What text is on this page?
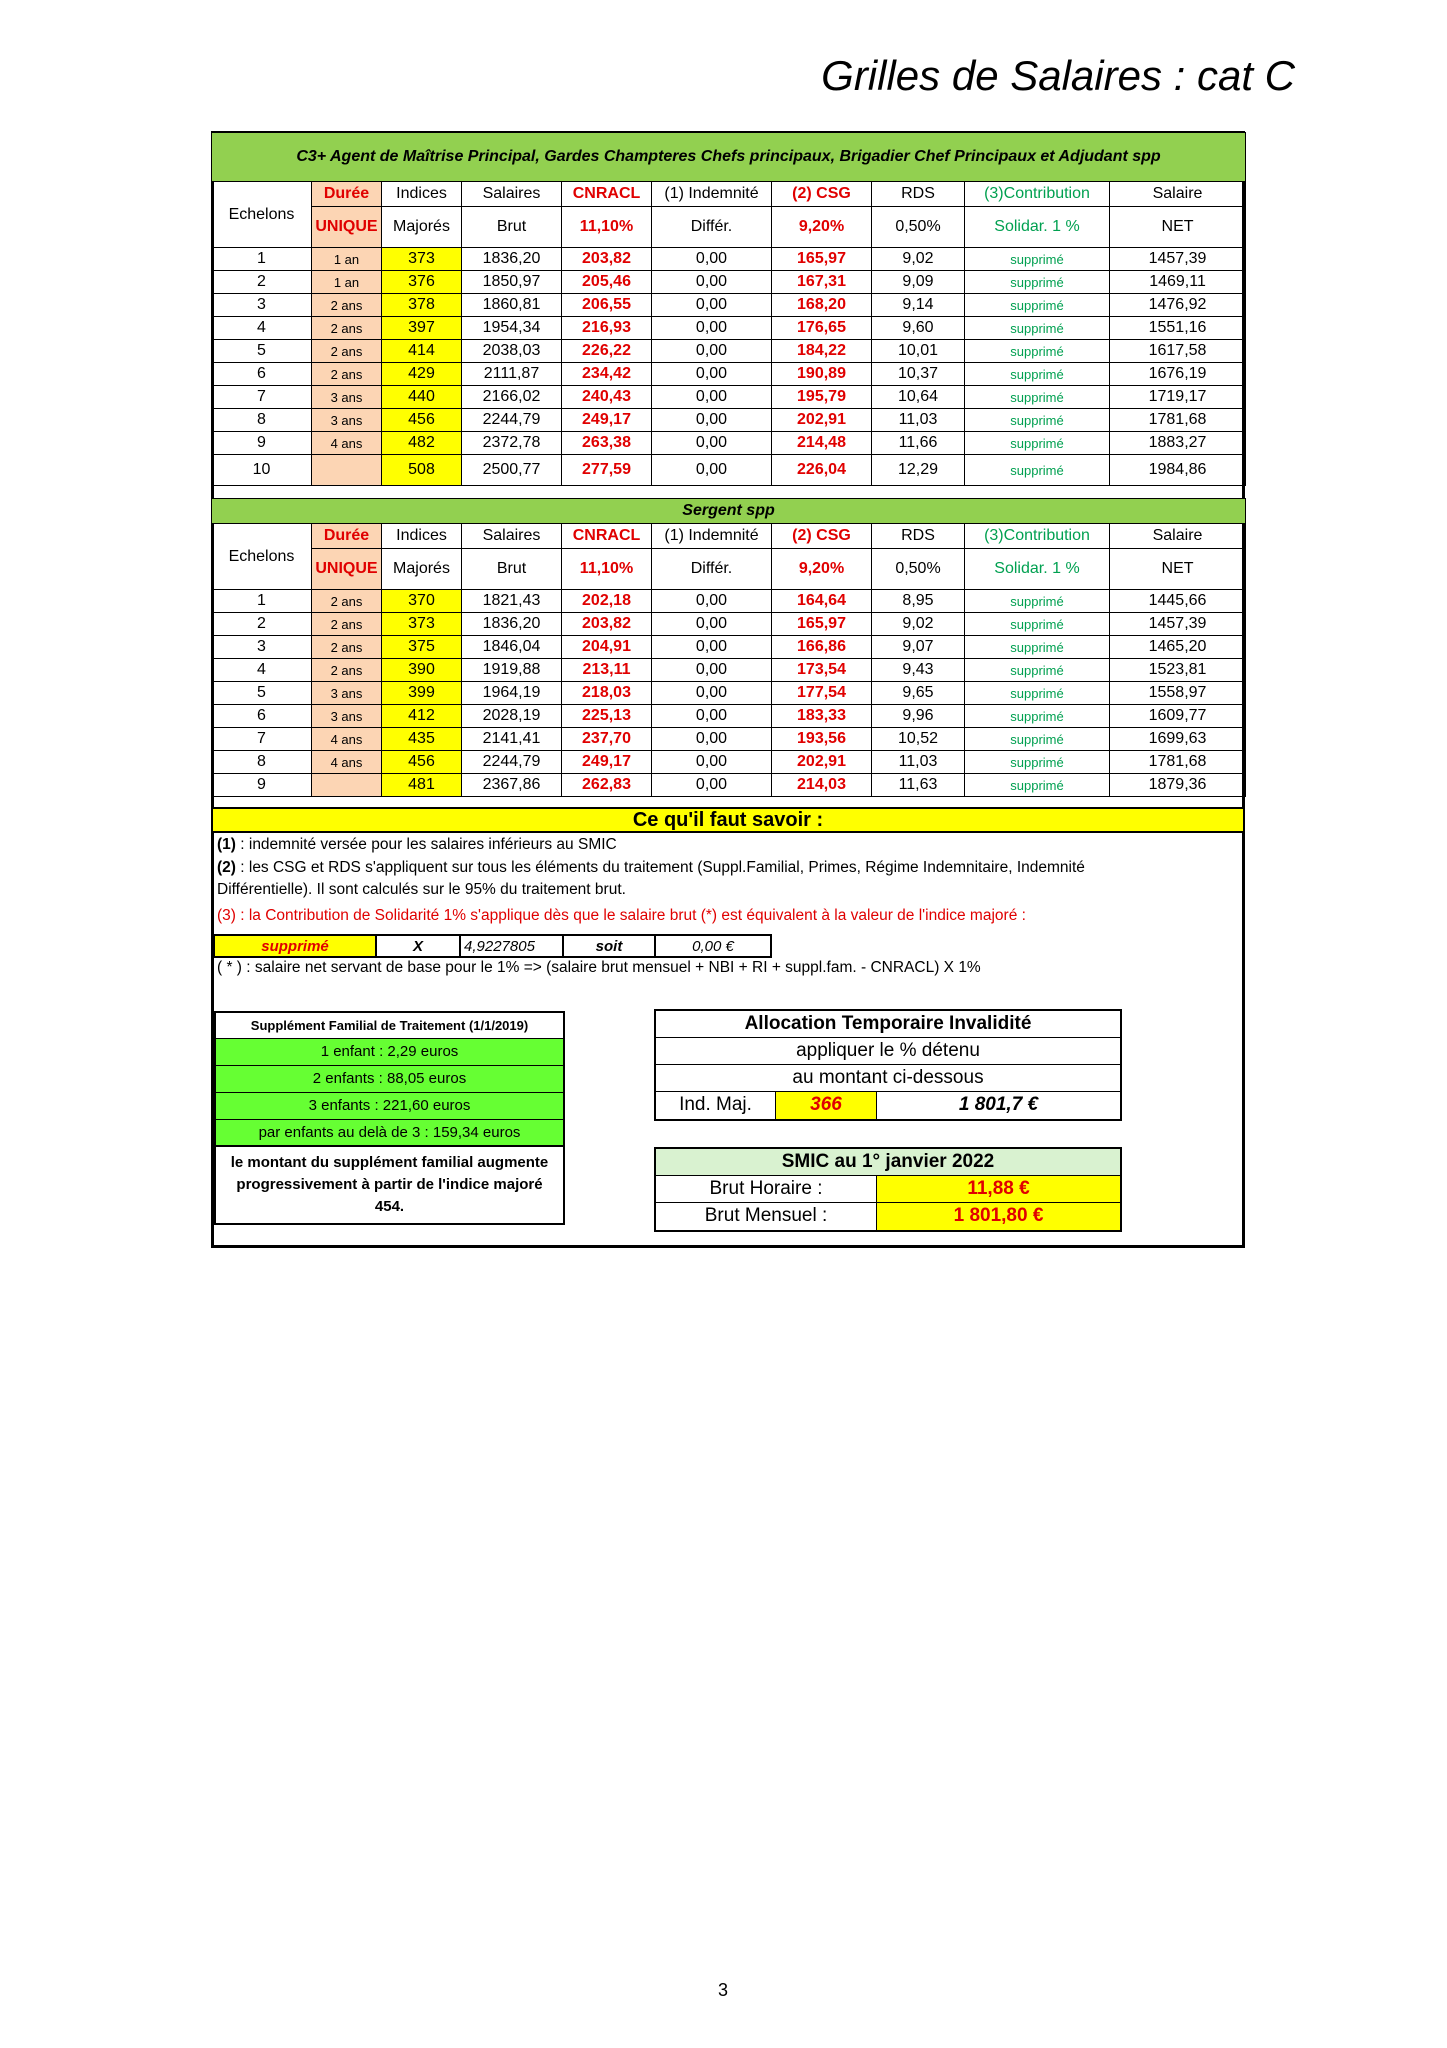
Grilles de Salaires : cat C
C3+ Agent de Maîtrise Principal, Gardes Champteres Chefs principaux, Brigadier Chef Principaux et Adjudant spp									
Echelons	Durée	Indices	Salaires	CNRACL	(1) Indemnité	(2) CSG	RDS	(3)Contribution	Salaire
	UNIQUE	Majorés	Brut	11,10%	Différ.	9,20%	0,50%	Solidar. 1 %	NET
1	1 an	373	1836,20	203,82	0,00	165,97	9,02	supprimé	1457,39
2	1 an	376	1850,97	205,46	0,00	167,31	9,09	supprimé	1469,11
3	2 ans	378	1860,81	206,55	0,00	168,20	9,14	supprimé	1476,92
4	2 ans	397	1954,34	216,93	0,00	176,65	9,60	supprimé	1551,16
5	2 ans	414	2038,03	226,22	0,00	184,22	10,01	supprimé	1617,58
6	2 ans	429	2111,87	234,42	0,00	190,89	10,37	supprimé	1676,19
7	3 ans	440	2166,02	240,43	0,00	195,79	10,64	supprimé	1719,17
8	3 ans	456	2244,79	249,17	0,00	202,91	11,03	supprimé	1781,68
9	4 ans	482	2372,78	263,38	0,00	214,48	11,66	supprimé	1883,27
10		508	2500,77	277,59	0,00	226,04	12,29	supprimé	1984,86
Sergent spp									
Echelons	Durée	Indices	Salaires	CNRACL	(1) Indemnité	(2) CSG	RDS	(3)Contribution	Salaire
	UNIQUE	Majorés	Brut	11,10%	Différ.	9,20%	0,50%	Solidar. 1 %	NET
1	2 ans	370	1821,43	202,18	0,00	164,64	8,95	supprimé	1445,66
2	2 ans	373	1836,20	203,82	0,00	165,97	9,02	supprimé	1457,39
3	2 ans	375	1846,04	204,91	0,00	166,86	9,07	supprimé	1465,20
4	2 ans	390	1919,88	213,11	0,00	173,54	9,43	supprimé	1523,81
5	3 ans	399	1964,19	218,03	0,00	177,54	9,65	supprimé	1558,97
6	3 ans	412	2028,19	225,13	0,00	183,33	9,96	supprimé	1609,77
7	4 ans	435	2141,41	237,70	0,00	193,56	10,52	supprimé	1699,63
8	4 ans	456	2244,79	249,17	0,00	202,91	11,03	supprimé	1781,68
9		481	2367,86	262,83	0,00	214,03	11,63	supprimé	1879,36
Ce qu'il faut savoir :
(1) : indemnité versée pour les salaires inférieurs au SMIC
(2) : les CSG et RDS s'appliquent sur tous les éléments du traitement (Suppl.Familial, Primes, Régime Indemnitaire, Indemnité
Différentielle). Il sont calculés sur le 95% du traitement brut.
(3) : la Contribution de Solidarité 1% s'applique dès que le salaire brut (*) est équivalent à la valeur de l'indice majoré :
supprimé	X	4,9227805	soit	0,00 €
( * ) : salaire net servant de base pour le 1% => (salaire brut mensuel + NBI + RI + suppl.fam. - CNRACL) X 1%
Supplément Familial de Traitement (1/1/2019)
1 enfant : 2,29 euros
2 enfants : 88,05 euros
3 enfants : 221,60 euros
par enfants au delà de 3 : 159,34 euros
le montant du supplément familial augmente progressivement à partir de l'indice majoré 454.
Allocation Temporaire Invalidité
appliquer le % détenu
au montant ci-dessous
Ind. Maj.	366	1 801,7 €
SMIC au 1° janvier 2022
Brut Horaire :	11,88 €
Brut Mensuel :	1 801,80 €
3
